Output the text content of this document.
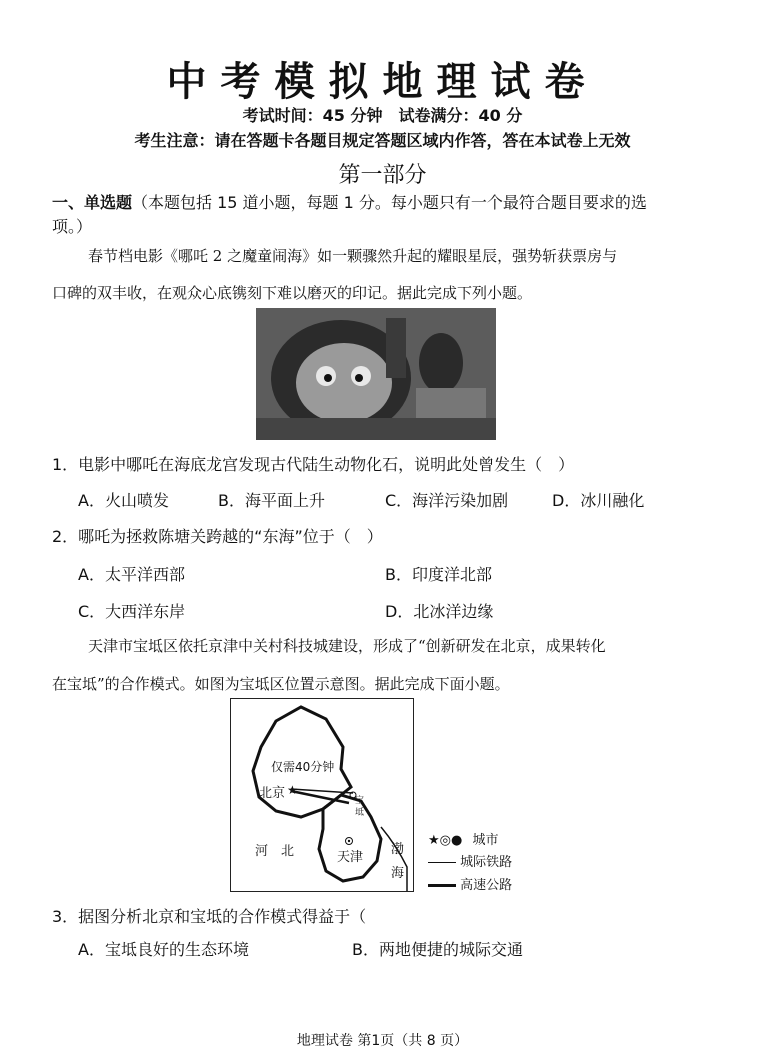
中考模拟地理试卷
考试时间：45 分钟　试卷满分：40 分
考生注意：请在答题卡各题目规定答题区域内作答，答在本试卷上无效
第一部分
一、单选题（本题包括 15 道小题，每题 1 分。每小题只有一个最符合题目要求的选
项。）
春节档电影《哪吒 2 之魔童闹海》如一颗骤然升起的耀眼星辰，强势斩获票房与
口碑的双丰收，在观众心底镌刻下难以磨灭的印记。据此完成下列小题。
1．电影中哪吒在海底龙宫发现古代陆生动物化石，说明此处曾发生（　）
A．火山喷发	B．海平面上升	C．海洋污染加剧	D．冰川融化
2．哪吒为拯救陈塘关跨越的“东海”位于（　）
A．太平洋西部	B．印度洋北部
C．大西洋东岸	D．北冰洋边缘
天津市宝坻区依托京津中关村科技城建设，形成了“创新研发在北京，成果转化
在宝坻”的合作模式。如图为宝坻区位置示意图。据此完成下面小题。
★
仅需40分钟
北京	宝
坻
天津
河　北	渤
海
★◎● 城市
城际铁路
高速公路
3．据图分析北京和宝坻的合作模式得益于（
A．宝坻良好的生态环境	B．两地便捷的城际交通
地理试卷 第1页（共 8 页）
